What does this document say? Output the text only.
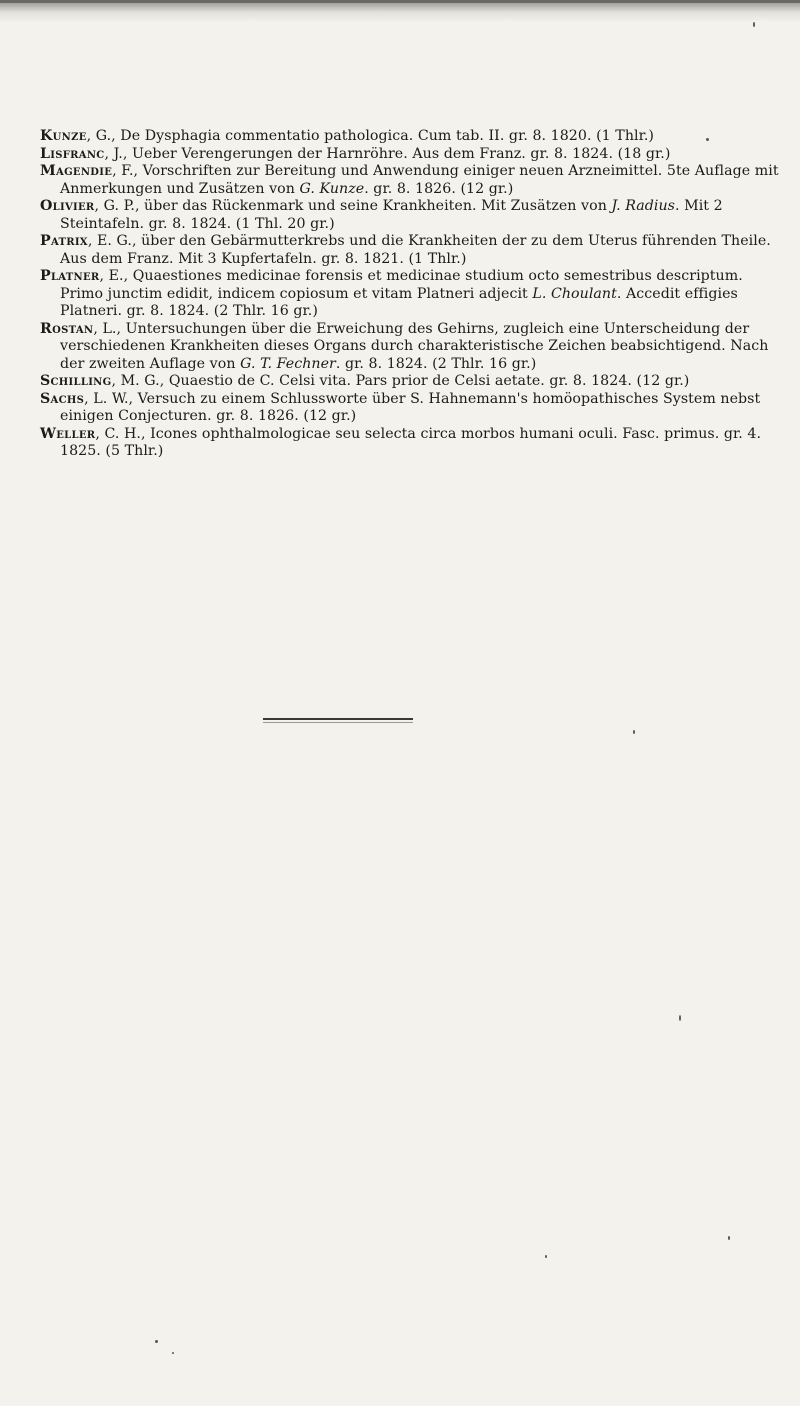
Kunze, G., De Dysphagia commentatio pathologica. Cum tab. II. gr. 8. 1820. (1 Thlr.)
Lisfranc, J., Ueber Verengerungen der Harnröhre. Aus dem Franz. gr. 8. 1824. (18 gr.)
Magendie, F., Vorschriften zur Bereitung und Anwendung einiger neuen Arzneimittel. 5te Auflage mit Anmerkungen und Zusätzen von G. Kunze. gr. 8. 1826. (12 gr.)
Olivier, G. P., über das Rückenmark und seine Krankheiten. Mit Zusätzen von J. Radius. Mit 2 Steintafeln. gr. 8. 1824. (1 Thl. 20 gr.)
Patrix, E. G., über den Gebärmutterkrebs und die Krankheiten der zu dem Uterus führenden Theile. Aus dem Franz. Mit 3 Kupfertafeln. gr. 8. 1821. (1 Thlr.)
Platner, E., Quaestiones medicinae forensis et medicinae studium octo semestribus descriptum. Primo junctim edidit, indicem copiosum et vitam Platneri adjecit L. Choulant. Accedit effigies Platneri. gr. 8. 1824. (2 Thlr. 16 gr.)
Rostan, L., Untersuchungen über die Erweichung des Gehirns, zugleich eine Unterscheidung der verschiedenen Krankheiten dieses Organs durch charakteristische Zeichen beabsichtigend. Nach der zweiten Auflage von G. T. Fechner. gr. 8. 1824. (2 Thlr. 16 gr.)
Schilling, M. G., Quaestio de C. Celsi vita. Pars prior de Celsi aetate. gr. 8. 1824. (12 gr.)
Sachs, L. W., Versuch zu einem Schlussworte über S. Hahnemann's homöopathisches System nebst einigen Conjecturen. gr. 8. 1826. (12 gr.)
Weller, C. H., Icones ophthalmologicae seu selecta circa morbos humani oculi. Fasc. primus. gr. 4. 1825. (5 Thlr.)
